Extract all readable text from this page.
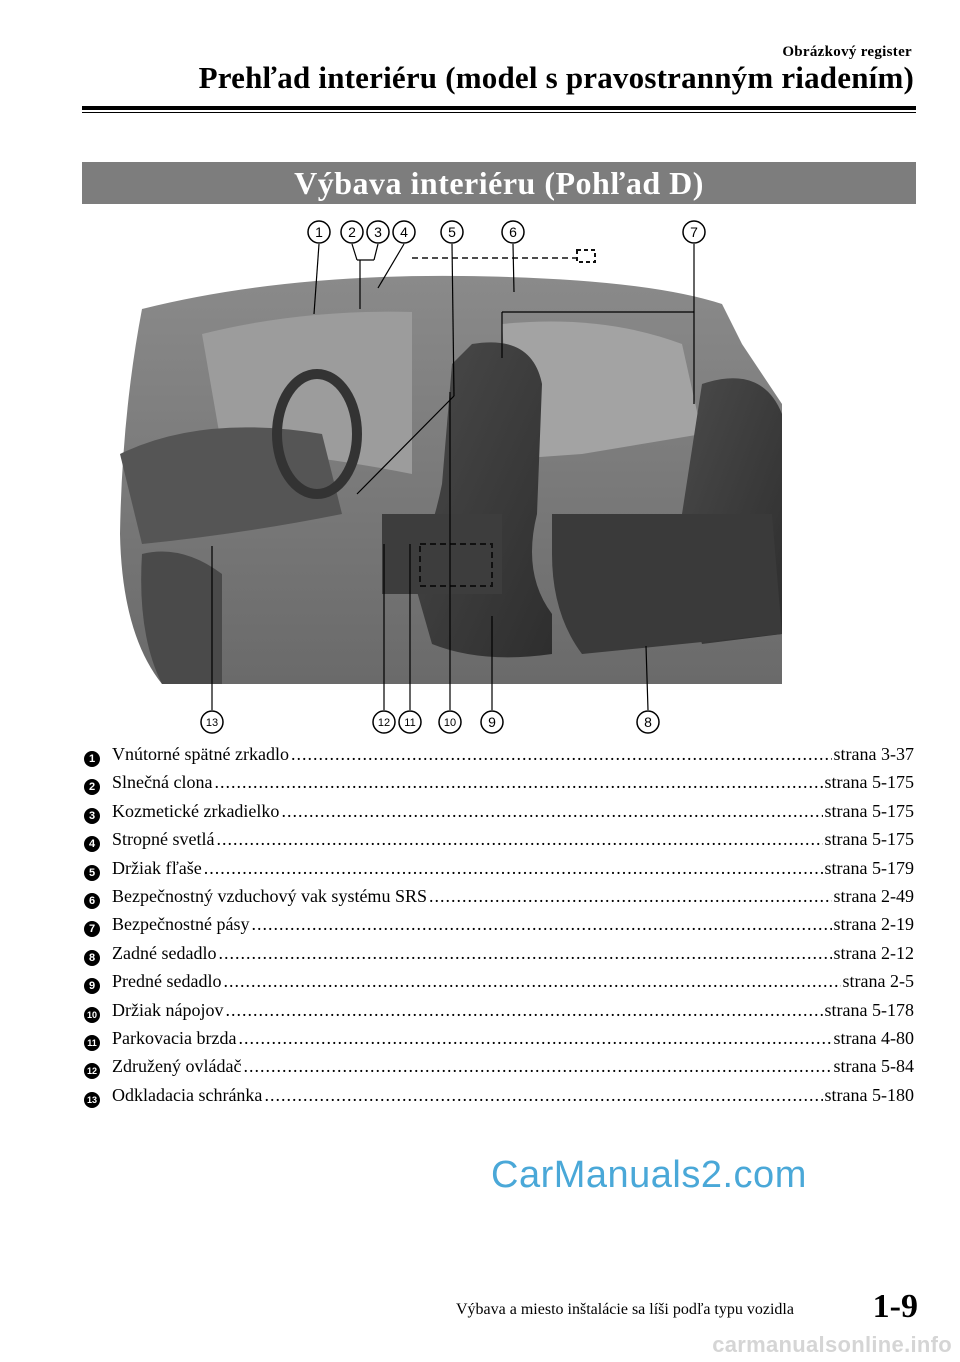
Obrázkový register
Prehľad interiéru (model s pravostranným riadením)
Výbava interiéru (Pohľad D)
1 2 3 4	5	6	7
8
9
10
11
12
13
1 Vnútorné spätné zrkadlo .....	strana 3-37
2 Slnečná clona .....	strana 5-175
3 Kozmetické zrkadielko .....	strana 5-175
4 Stropné svetlá .....	strana 5-175
5 Držiak fľaše .....	strana 5-179
6 Bezpečnostný vzduchový vak systému SRS .....	strana 2-49
7 Bezpečnostné pásy .....	strana 2-19
8 Zadné sedadlo .....	strana 2-12
9 Predné sedadlo .....	strana 2-5
10 Držiak nápojov .....	strana 5-178
11 Parkovacia brzda .....	strana 4-80
12 Združený ovládač .....	strana 5-84
13 Odkladacia schránka .....	strana 5-180
CarManuals2.com
Výbava a miesto inštalácie sa líši podľa typu vozidla 1-9
carmanualsonline.info
